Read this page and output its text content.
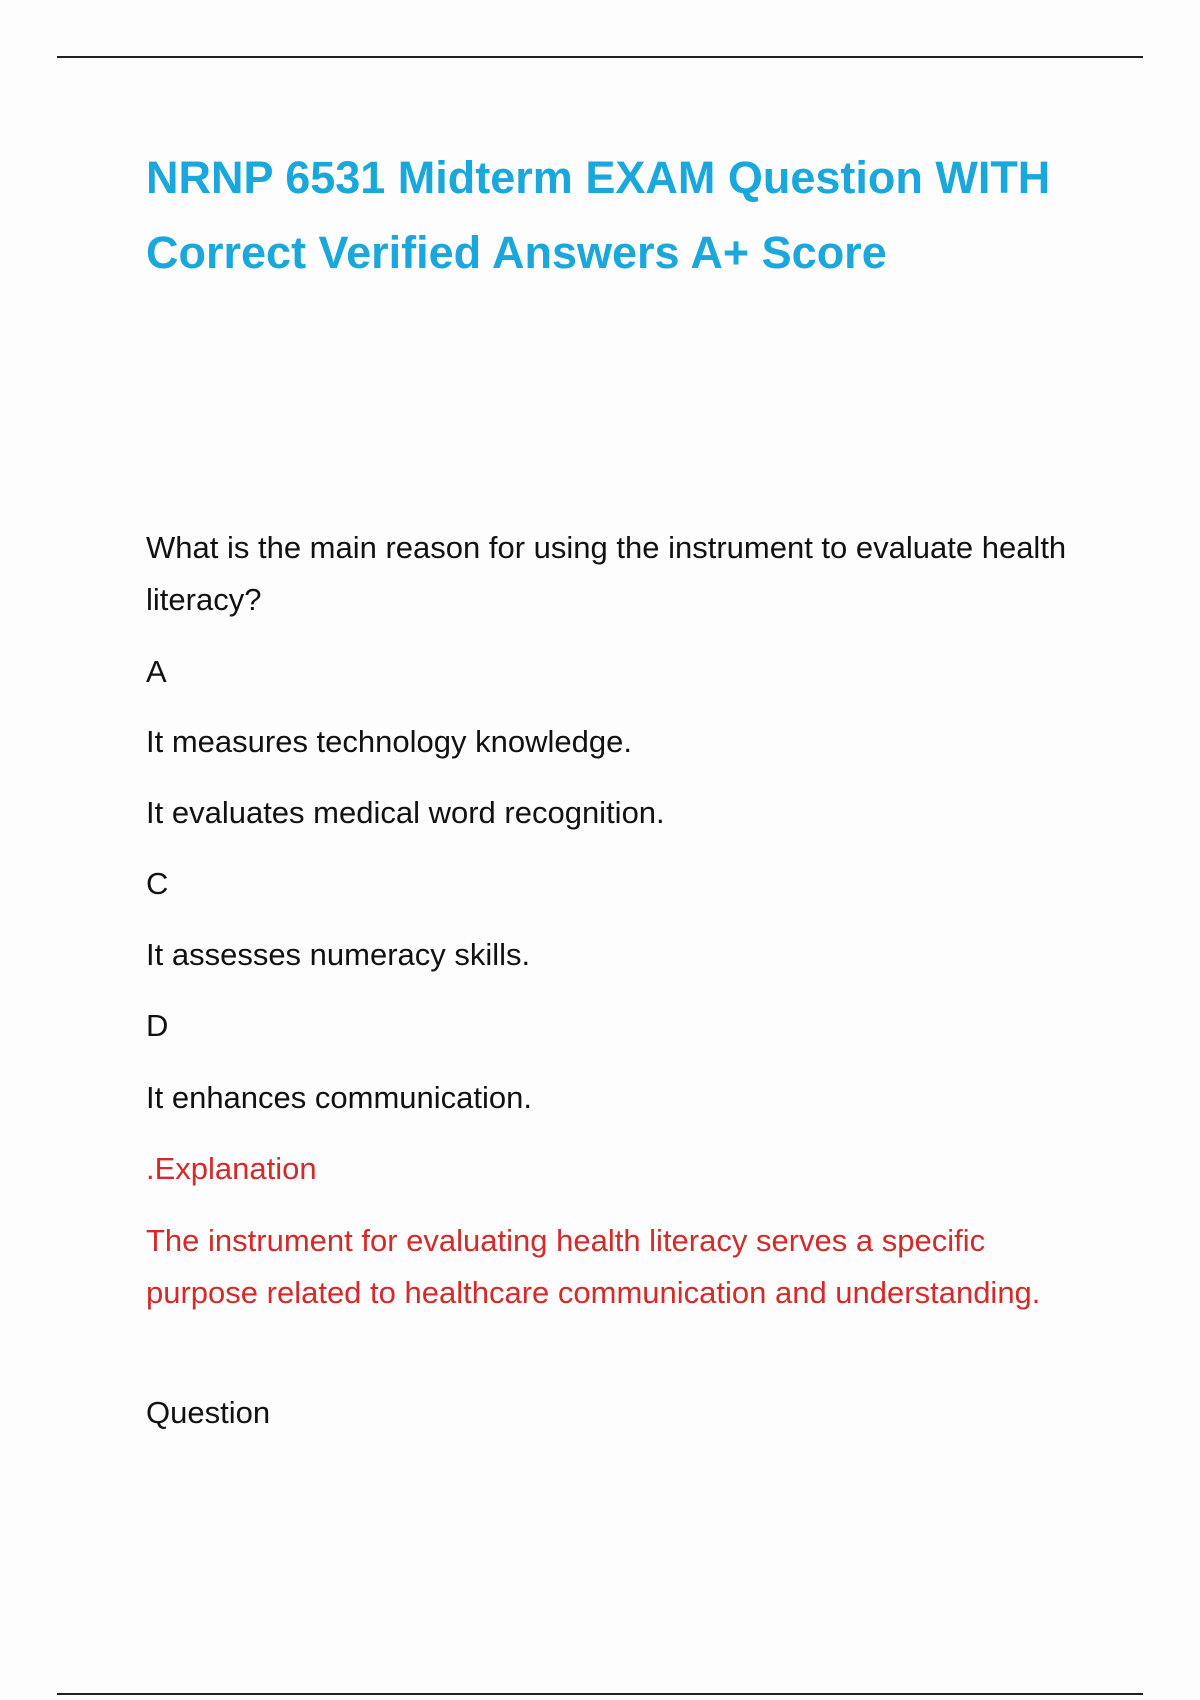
NRNP 6531 Midterm EXAM Question WITH Correct Verified Answers A+ Score

What is the main reason for using the instrument to evaluate health literacy?

A

It measures technology knowledge.

It evaluates medical word recognition.

C

It assesses numeracy skills.

D

It enhances communication.

.Explanation

The instrument for evaluating health literacy serves a specific purpose related to healthcare communication and understanding.

Question
